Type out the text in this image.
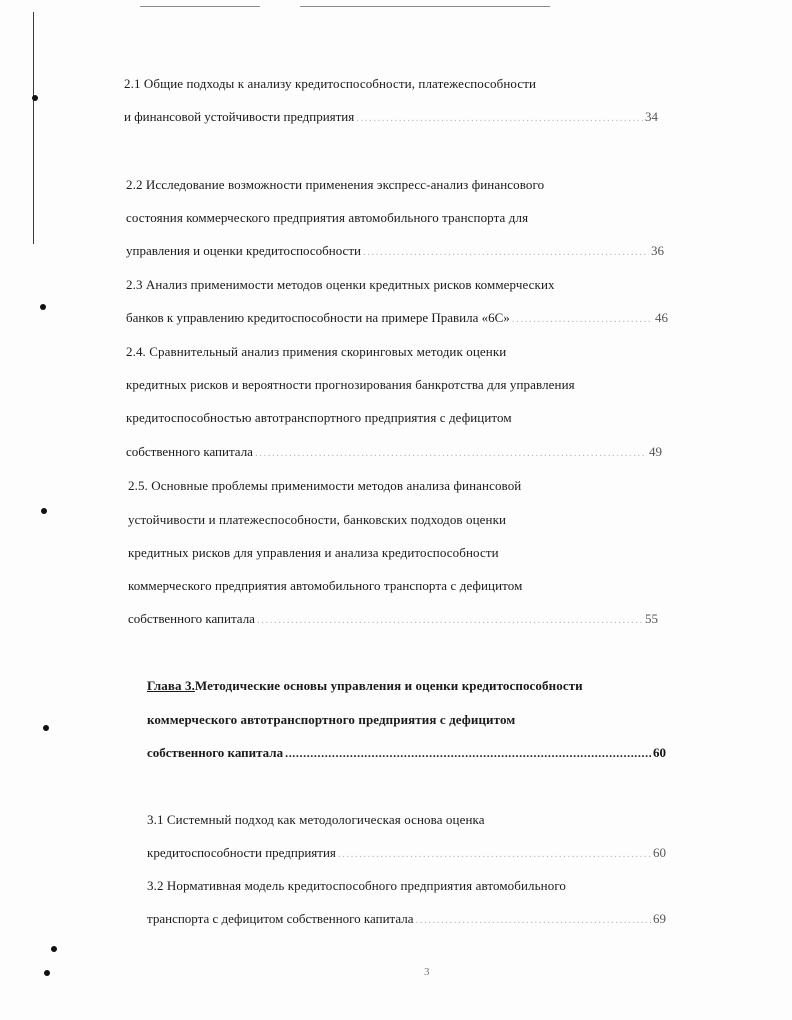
2.1 Общие подходы к анализу кредитоспособности, платежеспособности
и финансовой устойчивости предприятия .....	34
2.2 Исследование возможности применения экспресс-анализ финансового
состояния коммерческого предприятия автомобильного транспорта для
управления и оценки кредитоспособности .....	36
2.3 Анализ применимости методов оценки кредитных рисков коммерческих
банков к управлению кредитоспособности на примере Правила «6С» .....	46
2.4. Сравнительный анализ примения скоринговых методик оценки
кредитных рисков и вероятности прогнозирования банкротства для управления
кредитоспособностью автотранспортного предприятия с дефицитом
собственного капитала .....	49
2.5. Основные проблемы применимости методов анализа финансовой
устойчивости и платежеспособности, банковских подходов оценки
кредитных рисков для управления и анализа кредитоспособности
коммерческого предприятия автомобильного транспорта с дефицитом
собственного капитала .....	55
Глава 3.Методические основы управления и оценки кредитоспособности
коммерческого автотранспортного предприятия с дефицитом
собственного капитала .....	60
3.1 Системный подход как методологическая основа оценка
кредитоспособности предприятия .....	60
3.2 Нормативная модель кредитоспособного предприятия автомобильного
транспорта с дефицитом собственного капитала .....	69
3
